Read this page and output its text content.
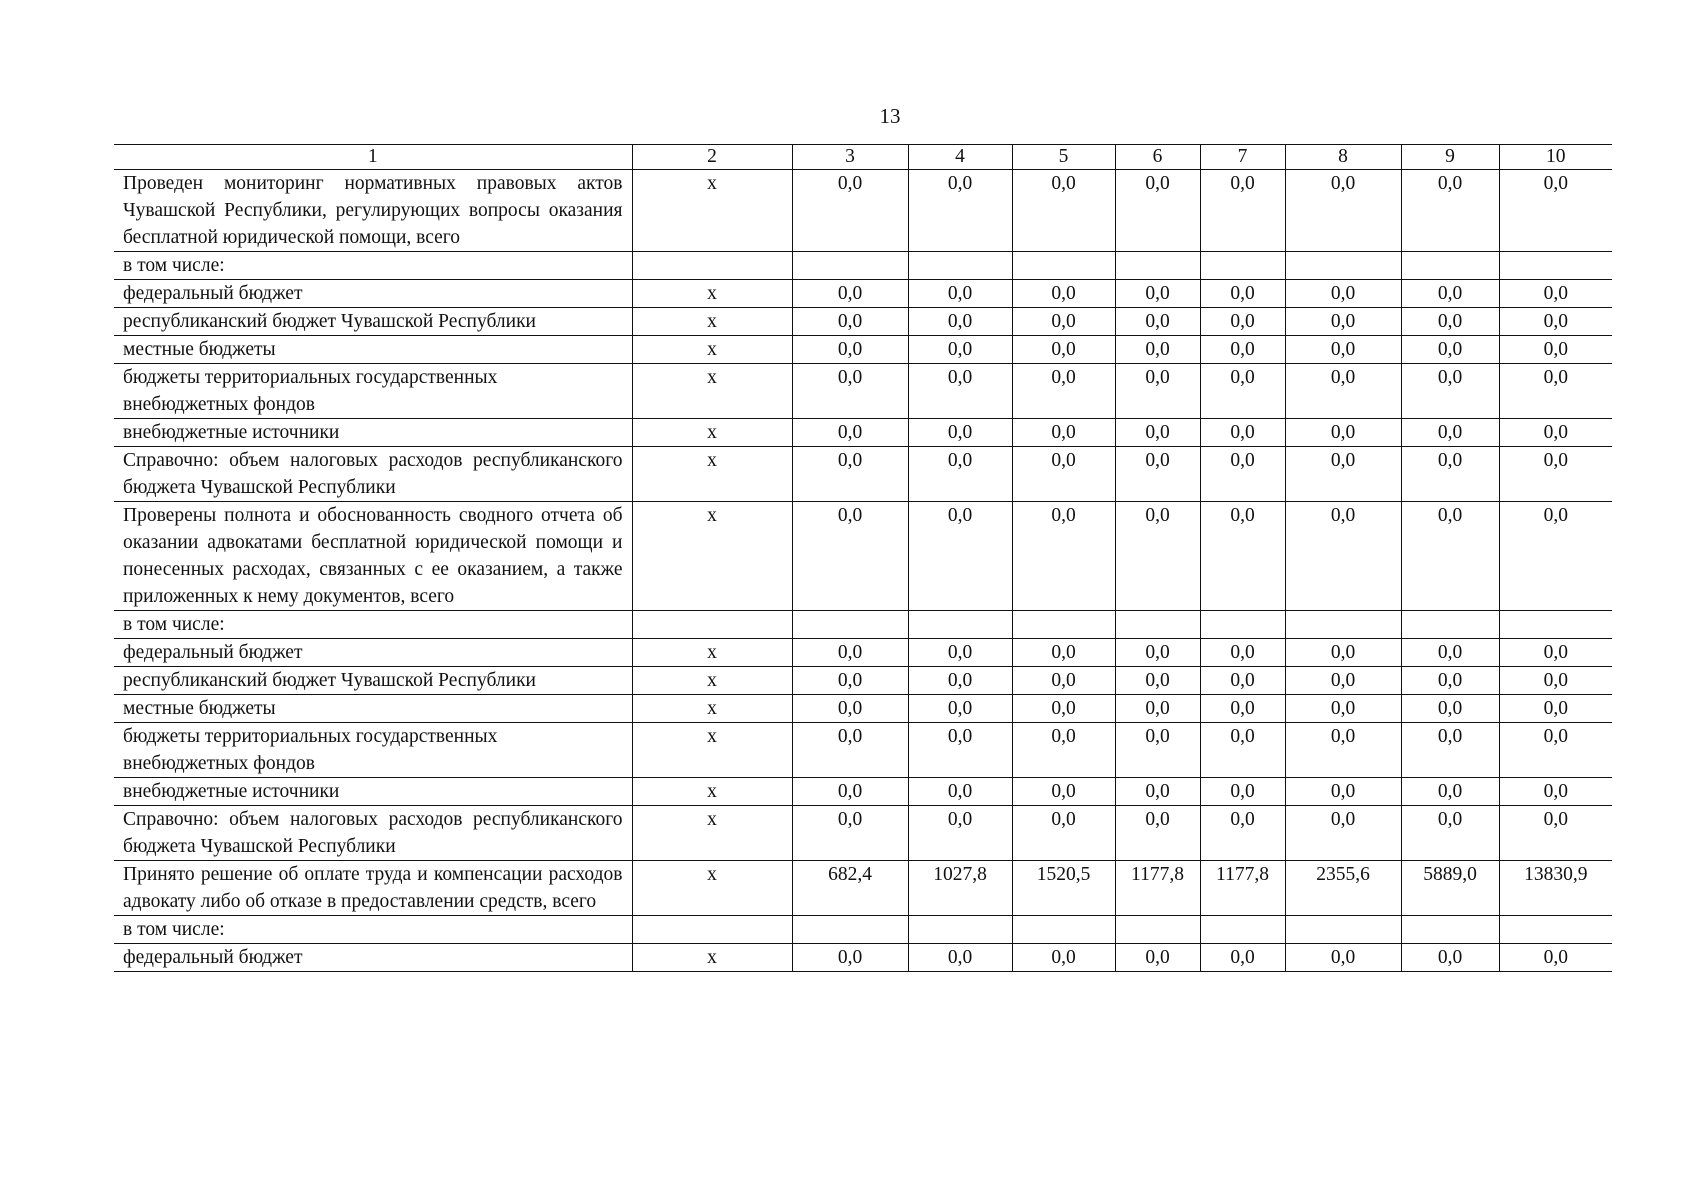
13
1	2	3	4	5	6	7	8	9	10
Проведен мониторинг нормативных правовых актов Чувашской Республики, регулирующих вопросы оказания бесплатной юридической помощи, всего	x	0,0	0,0	0,0	0,0	0,0	0,0	0,0	0,0
в том числе:									
федеральный бюджет	x	0,0	0,0	0,0	0,0	0,0	0,0	0,0	0,0
республиканский бюджет Чувашской Республики	x	0,0	0,0	0,0	0,0	0,0	0,0	0,0	0,0
местные бюджеты	x	0,0	0,0	0,0	0,0	0,0	0,0	0,0	0,0
бюджеты территориальных государственных внебюджетных фондов	x	0,0	0,0	0,0	0,0	0,0	0,0	0,0	0,0
внебюджетные источники	x	0,0	0,0	0,0	0,0	0,0	0,0	0,0	0,0
Справочно: объем налоговых расходов республиканского бюджета Чувашской Республики	x	0,0	0,0	0,0	0,0	0,0	0,0	0,0	0,0
Проверены полнота и обоснованность сводного отчета об оказании адвокатами бесплатной юридической помощи и понесенных расходах, связанных с ее оказанием, а также приложенных к нему документов, всего	x	0,0	0,0	0,0	0,0	0,0	0,0	0,0	0,0
в том числе:									
федеральный бюджет	x	0,0	0,0	0,0	0,0	0,0	0,0	0,0	0,0
республиканский бюджет Чувашской Республики	x	0,0	0,0	0,0	0,0	0,0	0,0	0,0	0,0
местные бюджеты	x	0,0	0,0	0,0	0,0	0,0	0,0	0,0	0,0
бюджеты территориальных государственных внебюджетных фондов	x	0,0	0,0	0,0	0,0	0,0	0,0	0,0	0,0
внебюджетные источники	x	0,0	0,0	0,0	0,0	0,0	0,0	0,0	0,0
Справочно: объем налоговых расходов республиканского бюджета Чувашской Республики	x	0,0	0,0	0,0	0,0	0,0	0,0	0,0	0,0
Принято решение об оплате труда и компенсации расходов адвокату либо об отказе в предоставлении средств, всего	x	682,4	1027,8	1520,5	1177,8	1177,8	2355,6	5889,0	13830,9
в том числе:									
федеральный бюджет	x	0,0	0,0	0,0	0,0	0,0	0,0	0,0	0,0
